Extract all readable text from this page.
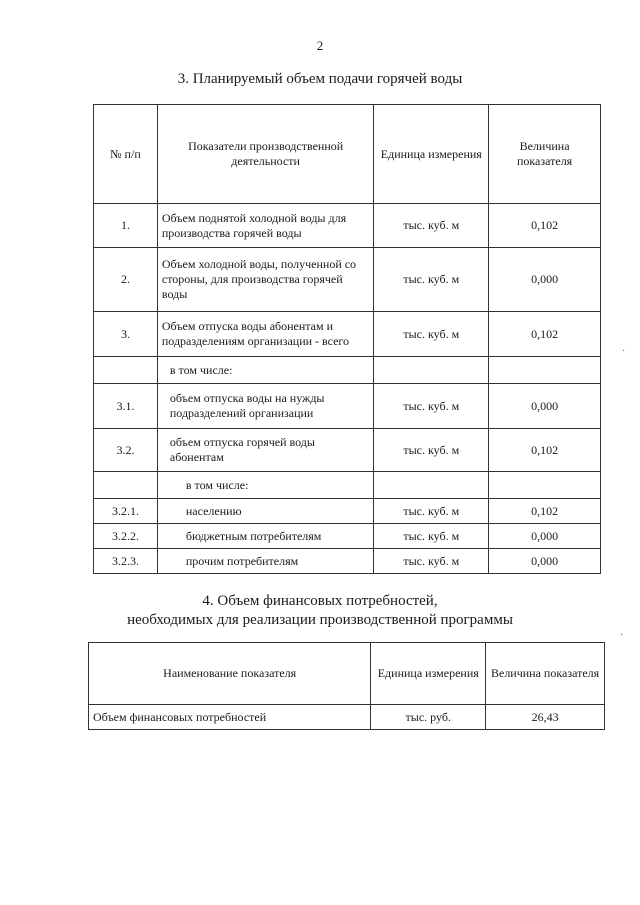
2
3. Планируемый объем подачи горячей воды
№ п/п	Показатели производственной деятельности	Единица измерения	Величина показателя
1.	Объем поднятой холодной воды для производства горячей воды	тыс. куб. м	0,102
2.	Объем холодной воды, полученной со стороны, для производства горячей воды	тыс. куб. м	0,000
3.	Объем отпуска воды абонентам и подразделениям организации - всего	тыс. куб. м	0,102
	в том числе:		
3.1.	объем отпуска воды на нужды подразделений организации	тыс. куб. м	0,000
3.2.	объем отпуска горячей воды абонентам	тыс. куб. м	0,102
	в том числе:		
3.2.1.	населению	тыс. куб. м	0,102
3.2.2.	бюджетным потребителям	тыс. куб. м	0,000
3.2.3.	прочим потребителям	тыс. куб. м	0,000
4. Объем финансовых потребностей,
необходимых для реализации производственной программы
Наименование показателя	Единица измерения	Величина показателя
Объем финансовых потребностей	тыс. руб.	26,43
·
·
